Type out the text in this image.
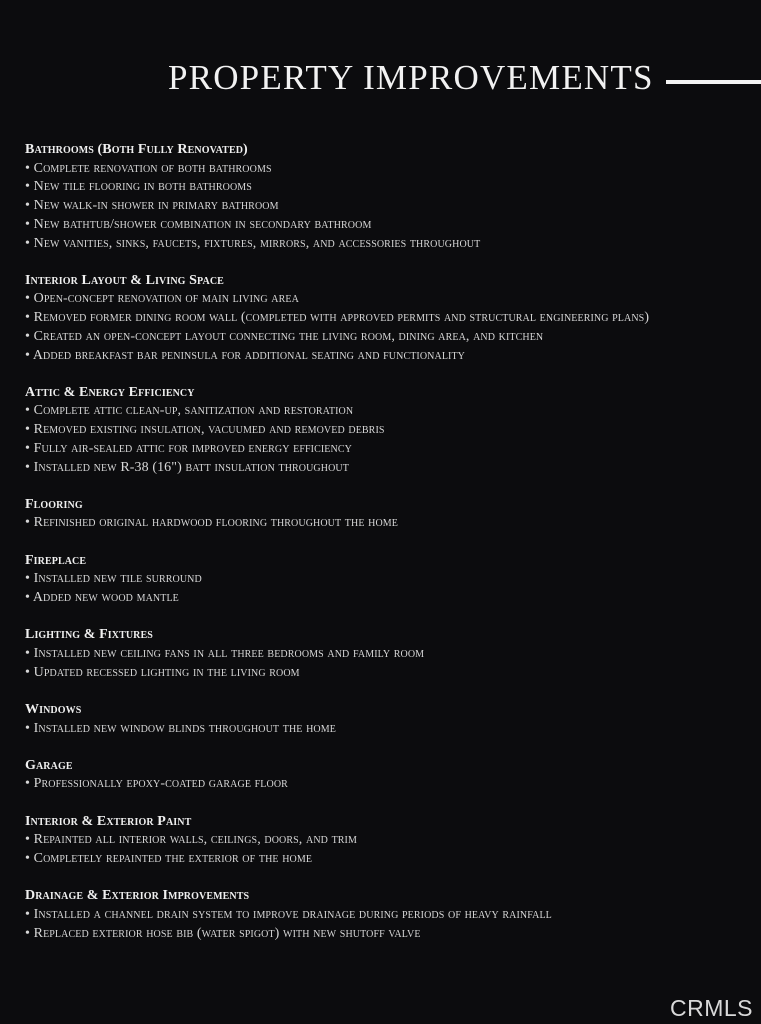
PROPERTY IMPROVEMENTS
Bathrooms (Both Fully Renovated)
• Complete renovation of both bathrooms
• New tile flooring in both bathrooms
• New walk-in shower in primary bathroom
• New bathtub/shower combination in secondary bathroom
• New vanities, sinks, faucets, fixtures, mirrors, and accessories throughout
Interior Layout & Living Space
• Open-concept renovation of main living area
• Removed former dining room wall (completed with approved permits and structural engineering plans)
• Created an open-concept layout connecting the living room, dining area, and kitchen
• Added breakfast bar peninsula for additional seating and functionality
Attic & Energy Efficiency
• Complete attic clean-up, sanitization and restoration
• Removed existing insulation, vacuumed and removed debris
• Fully air-sealed attic for improved energy efficiency
• Installed new R-38 (16") batt insulation throughout
Flooring
• Refinished original hardwood flooring throughout the home
Fireplace
• Installed new tile surround
• Added new wood mantle
Lighting & Fixtures
• Installed new ceiling fans in all three bedrooms and family room
• Updated recessed lighting in the living room
Windows
• Installed new window blinds throughout the home
Garage
• Professionally epoxy-coated garage floor
Interior & Exterior Paint
• Repainted all interior walls, ceilings, doors, and trim
• Completely repainted the exterior of the home
Drainage & Exterior Improvements
• Installed a channel drain system to improve drainage during periods of heavy rainfall
• Replaced exterior hose bib (water spigot) with new shutoff valve
CRMLS
